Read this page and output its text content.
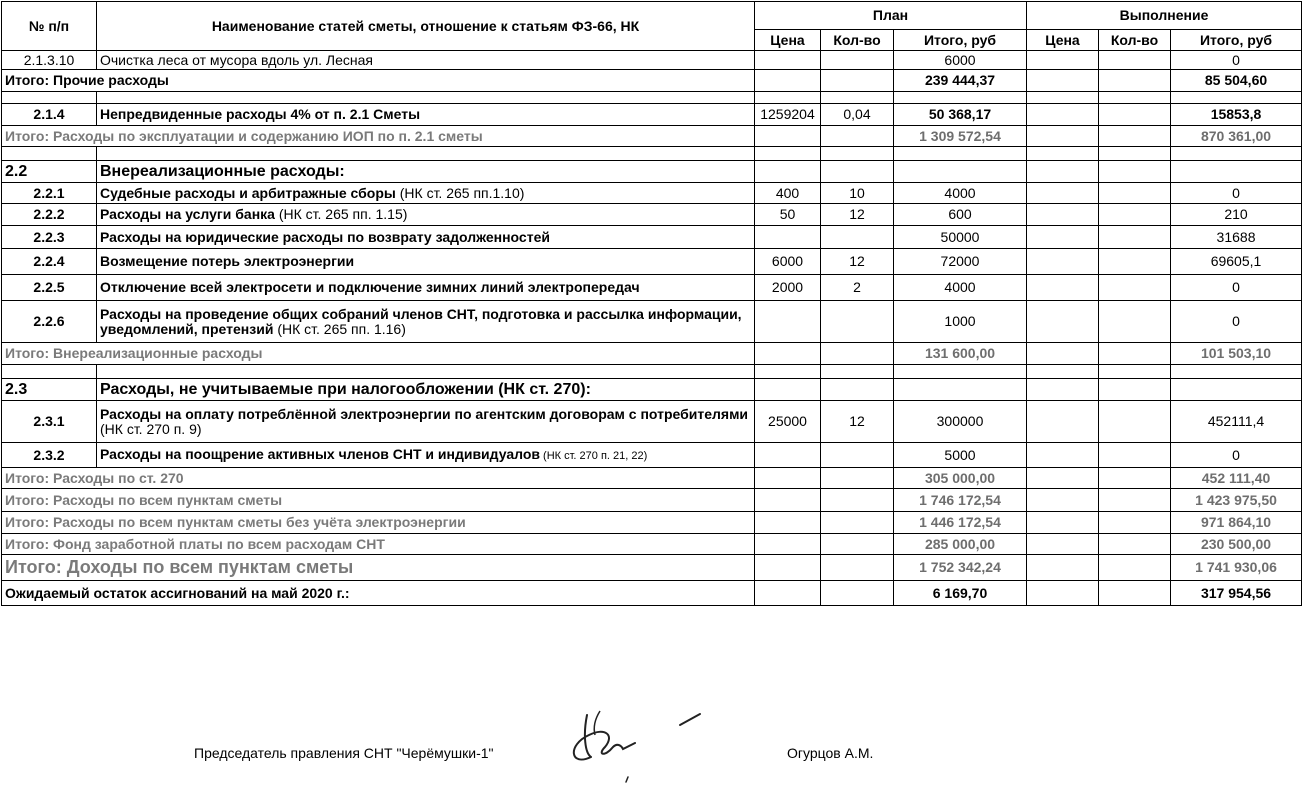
№ п/п	Наименование статей сметы, отношение к статьям ФЗ-66, НК	План			Выполнение		
		Цена	Кол-во	Итого, руб	Цена	Кол-во	Итого, руб
2.1.3.10	Очистка леса от мусора вдоль ул. Лесная			6000			0
Итого: Прочие расходы				239 444,37			85 504,60

2.1.4	Непредвиденные расходы 4% от п. 2.1 Сметы	1259204	0,04	50 368,17			15853,8
Итого: Расходы по эксплуатации и содержанию ИОП по п. 2.1 сметы				1 309 572,54			870 361,00

2.2	Внереализационные расходы:						
2.2.1	Судебные расходы и арбитражные сборы (НК ст. 265 пп.1.10)	400	10	4000			0
2.2.2	Расходы на услуги банка (НК ст. 265 пп. 1.15)	50	12	600			210
2.2.3	Расходы на юридические расходы по возврату задолженностей			50000			31688
2.2.4	Возмещение потерь электроэнергии	6000	12	72000			69605,1
2.2.5	Отключение всей электросети и подключение зимних линий электропередач	2000	2	4000			0
2.2.6	Расходы на проведение общих собраний членов СНТ, подготовка и рассылка информации, уведомлений, претензий (НК ст. 265 пп. 1.16)			1000			0
Итого: Внереализационные расходы				131 600,00			101 503,10

2.3	Расходы, не учитываемые при налогообложении (НК ст. 270):						
2.3.1	Расходы на оплату потреблённой электроэнергии по агентским договорам с потребителями (НК ст. 270 п. 9)	25000	12	300000			452111,4
2.3.2	Расходы на поощрение активных членов СНТ и индивидуалов (НК ст. 270 п. 21, 22)			5000			0
Итого: Расходы по ст. 270				305 000,00			452 111,40
Итого: Расходы по всем пунктам сметы				1 746 172,54			1 423 975,50
Итого: Расходы по всем пунктам сметы без учёта электроэнергии				1 446 172,54			971 864,10
Итого: Фонд заработной платы по всем расходам СНТ				285 000,00			230 500,00
Итого: Доходы по всем пунктам сметы				1 752 342,24			1 741 930,06
Ожидаемый остаток ассигнований на май 2020 г.:				6 169,70			317 954,56
Председатель правления СНТ "Черёмушки-1"	Огурцов А.М.
